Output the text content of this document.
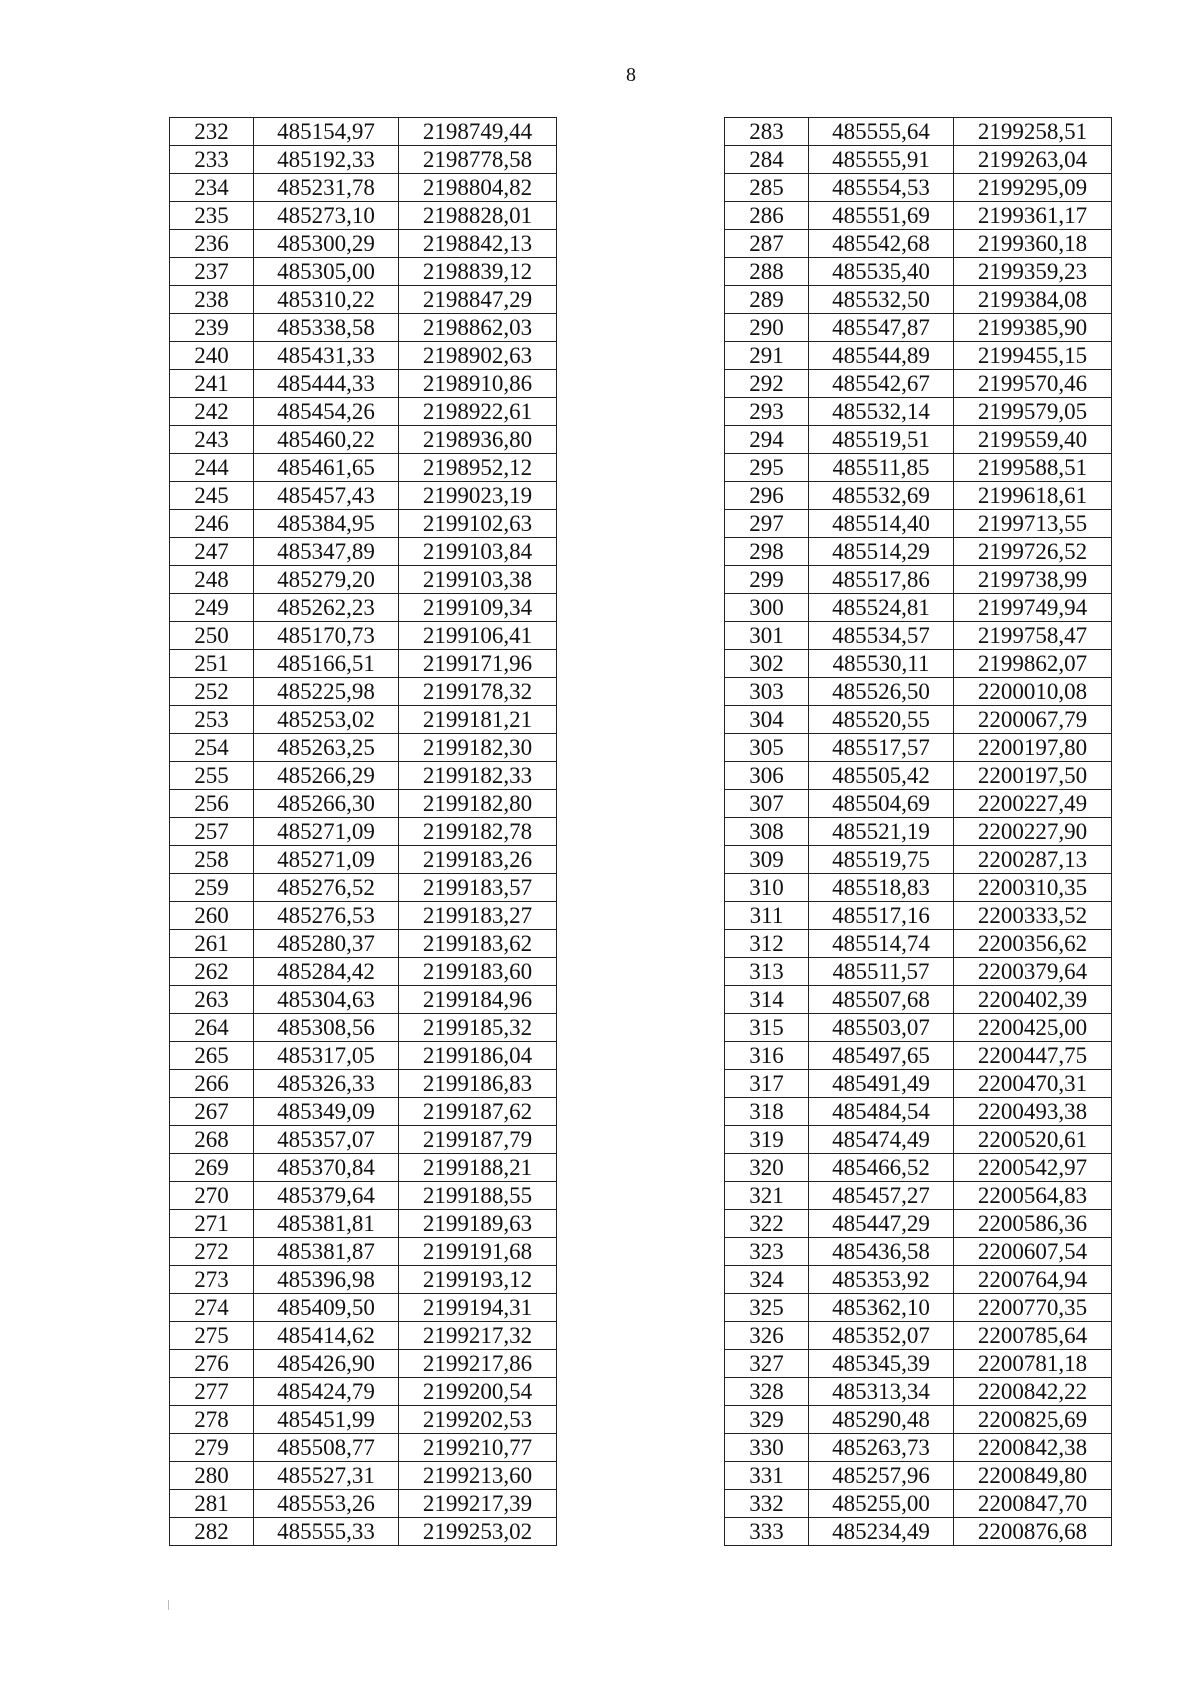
8
232	485154,97	2198749,44
233	485192,33	2198778,58
234	485231,78	2198804,82
235	485273,10	2198828,01
236	485300,29	2198842,13
237	485305,00	2198839,12
238	485310,22	2198847,29
239	485338,58	2198862,03
240	485431,33	2198902,63
241	485444,33	2198910,86
242	485454,26	2198922,61
243	485460,22	2198936,80
244	485461,65	2198952,12
245	485457,43	2199023,19
246	485384,95	2199102,63
247	485347,89	2199103,84
248	485279,20	2199103,38
249	485262,23	2199109,34
250	485170,73	2199106,41
251	485166,51	2199171,96
252	485225,98	2199178,32
253	485253,02	2199181,21
254	485263,25	2199182,30
255	485266,29	2199182,33
256	485266,30	2199182,80
257	485271,09	2199182,78
258	485271,09	2199183,26
259	485276,52	2199183,57
260	485276,53	2199183,27
261	485280,37	2199183,62
262	485284,42	2199183,60
263	485304,63	2199184,96
264	485308,56	2199185,32
265	485317,05	2199186,04
266	485326,33	2199186,83
267	485349,09	2199187,62
268	485357,07	2199187,79
269	485370,84	2199188,21
270	485379,64	2199188,55
271	485381,81	2199189,63
272	485381,87	2199191,68
273	485396,98	2199193,12
274	485409,50	2199194,31
275	485414,62	2199217,32
276	485426,90	2199217,86
277	485424,79	2199200,54
278	485451,99	2199202,53
279	485508,77	2199210,77
280	485527,31	2199213,60
281	485553,26	2199217,39
282	485555,33	2199253,02
283	485555,64	2199258,51
284	485555,91	2199263,04
285	485554,53	2199295,09
286	485551,69	2199361,17
287	485542,68	2199360,18
288	485535,40	2199359,23
289	485532,50	2199384,08
290	485547,87	2199385,90
291	485544,89	2199455,15
292	485542,67	2199570,46
293	485532,14	2199579,05
294	485519,51	2199559,40
295	485511,85	2199588,51
296	485532,69	2199618,61
297	485514,40	2199713,55
298	485514,29	2199726,52
299	485517,86	2199738,99
300	485524,81	2199749,94
301	485534,57	2199758,47
302	485530,11	2199862,07
303	485526,50	2200010,08
304	485520,55	2200067,79
305	485517,57	2200197,80
306	485505,42	2200197,50
307	485504,69	2200227,49
308	485521,19	2200227,90
309	485519,75	2200287,13
310	485518,83	2200310,35
311	485517,16	2200333,52
312	485514,74	2200356,62
313	485511,57	2200379,64
314	485507,68	2200402,39
315	485503,07	2200425,00
316	485497,65	2200447,75
317	485491,49	2200470,31
318	485484,54	2200493,38
319	485474,49	2200520,61
320	485466,52	2200542,97
321	485457,27	2200564,83
322	485447,29	2200586,36
323	485436,58	2200607,54
324	485353,92	2200764,94
325	485362,10	2200770,35
326	485352,07	2200785,64
327	485345,39	2200781,18
328	485313,34	2200842,22
329	485290,48	2200825,69
330	485263,73	2200842,38
331	485257,96	2200849,80
332	485255,00	2200847,70
333	485234,49	2200876,68
